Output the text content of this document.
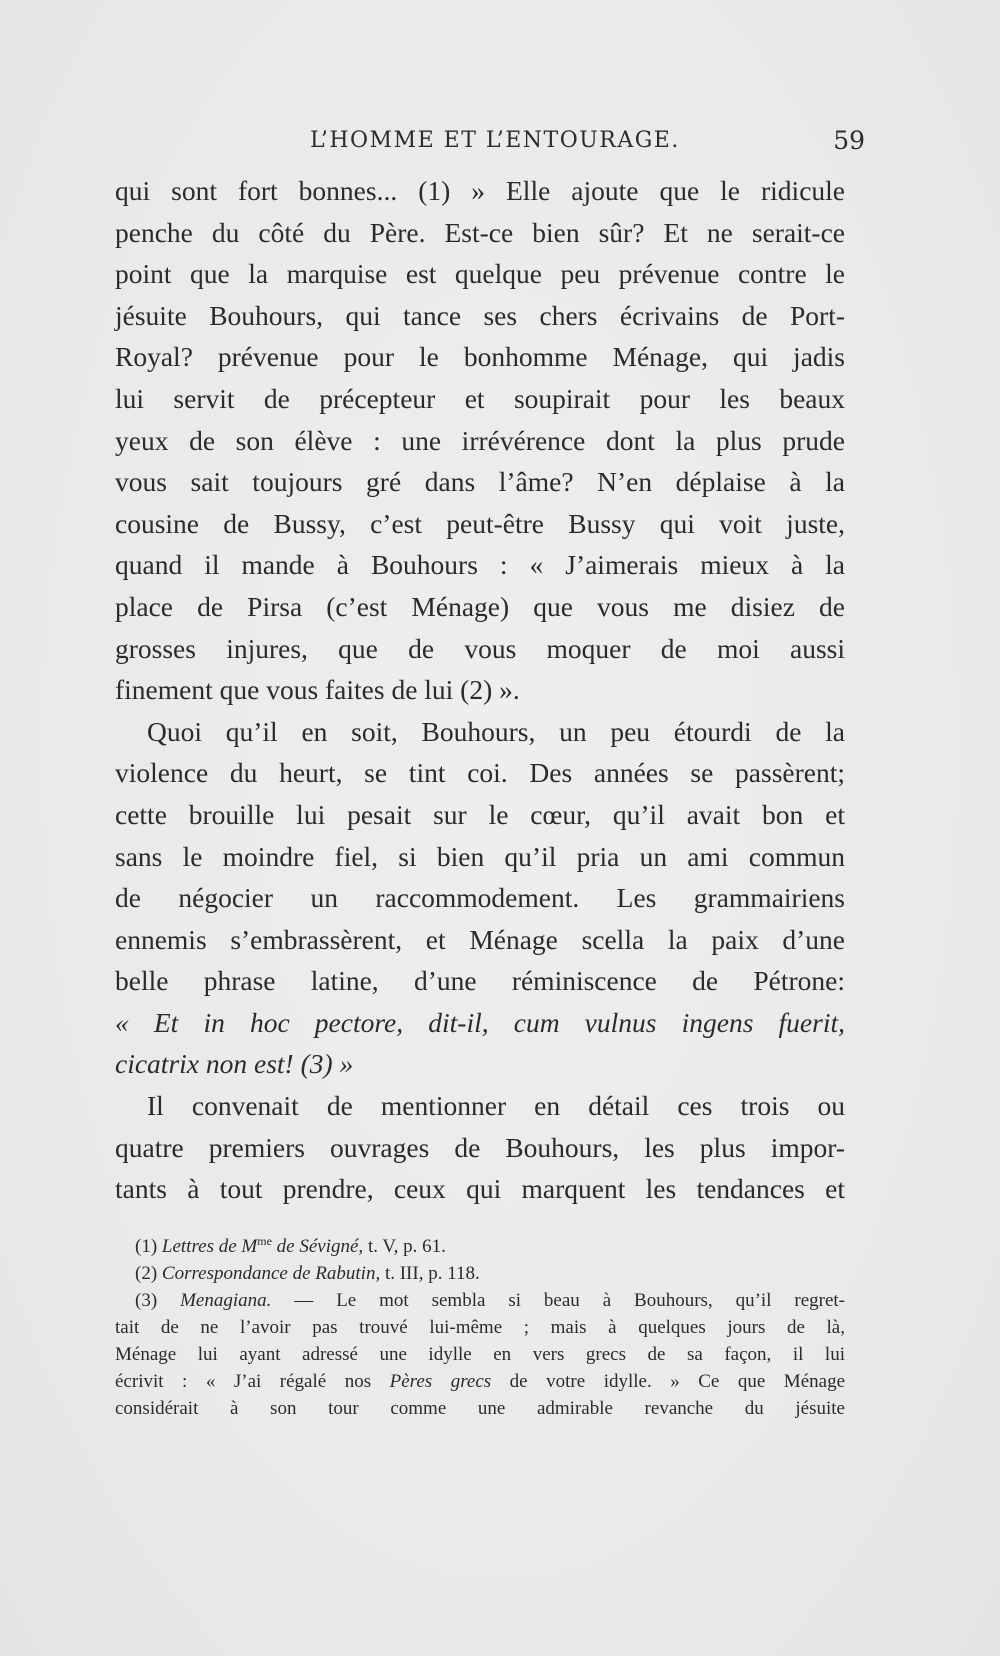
L’HOMME ET L’ENTOURAGE.	59
qui sont fort bonnes... (1) » Elle ajoute que le ridicule
penche du côté du Père. Est-ce bien sûr? Et ne serait-ce
point que la marquise est quelque peu prévenue contre le
jésuite Bouhours, qui tance ses chers écrivains de Port-
Royal? prévenue pour le bonhomme Ménage, qui jadis
lui servit de précepteur et soupirait pour les beaux
yeux de son élève : une irrévérence dont la plus prude
vous sait toujours gré dans l’âme? N’en déplaise à la
cousine de Bussy, c’est peut-être Bussy qui voit juste,
quand il mande à Bouhours : « J’aimerais mieux à la
place de Pirsa (c’est Ménage) que vous me disiez de
grosses injures, que de vous moquer de moi aussi
finement que vous faites de lui (2) ».
Quoi qu’il en soit, Bouhours, un peu étourdi de la
violence du heurt, se tint coi. Des années se passèrent;
cette brouille lui pesait sur le cœur, qu’il avait bon et
sans le moindre fiel, si bien qu’il pria un ami commun
de négocier un raccommodement. Les grammairiens
ennemis s’embrassèrent, et Ménage scella la paix d’une
belle phrase latine, d’une réminiscence de Pétrone:
« Et in hoc pectore, dit-il, cum vulnus ingens fuerit,
cicatrix non est! (3) »
Il convenait de mentionner en détail ces trois ou
quatre premiers ouvrages de Bouhours, les plus impor-
tants à tout prendre, ceux qui marquent les tendances et
(1) Lettres de $M^{me}$ de Sévigné, t. V, p. 61.
(2) Correspondance de Rabutin, t. III, p. 118.
(3) Menagiana. — Le mot sembla si beau à Bouhours, qu’il regret-
tait de ne l’avoir pas trouvé lui-même ; mais à quelques jours de là,
Ménage lui ayant adressé une idylle en vers grecs de sa façon, il lui
écrivit : « J’ai régalé nos Pères grecs de votre idylle. » Ce que Ménage
considérait à son tour comme une admirable revanche du jésuite
